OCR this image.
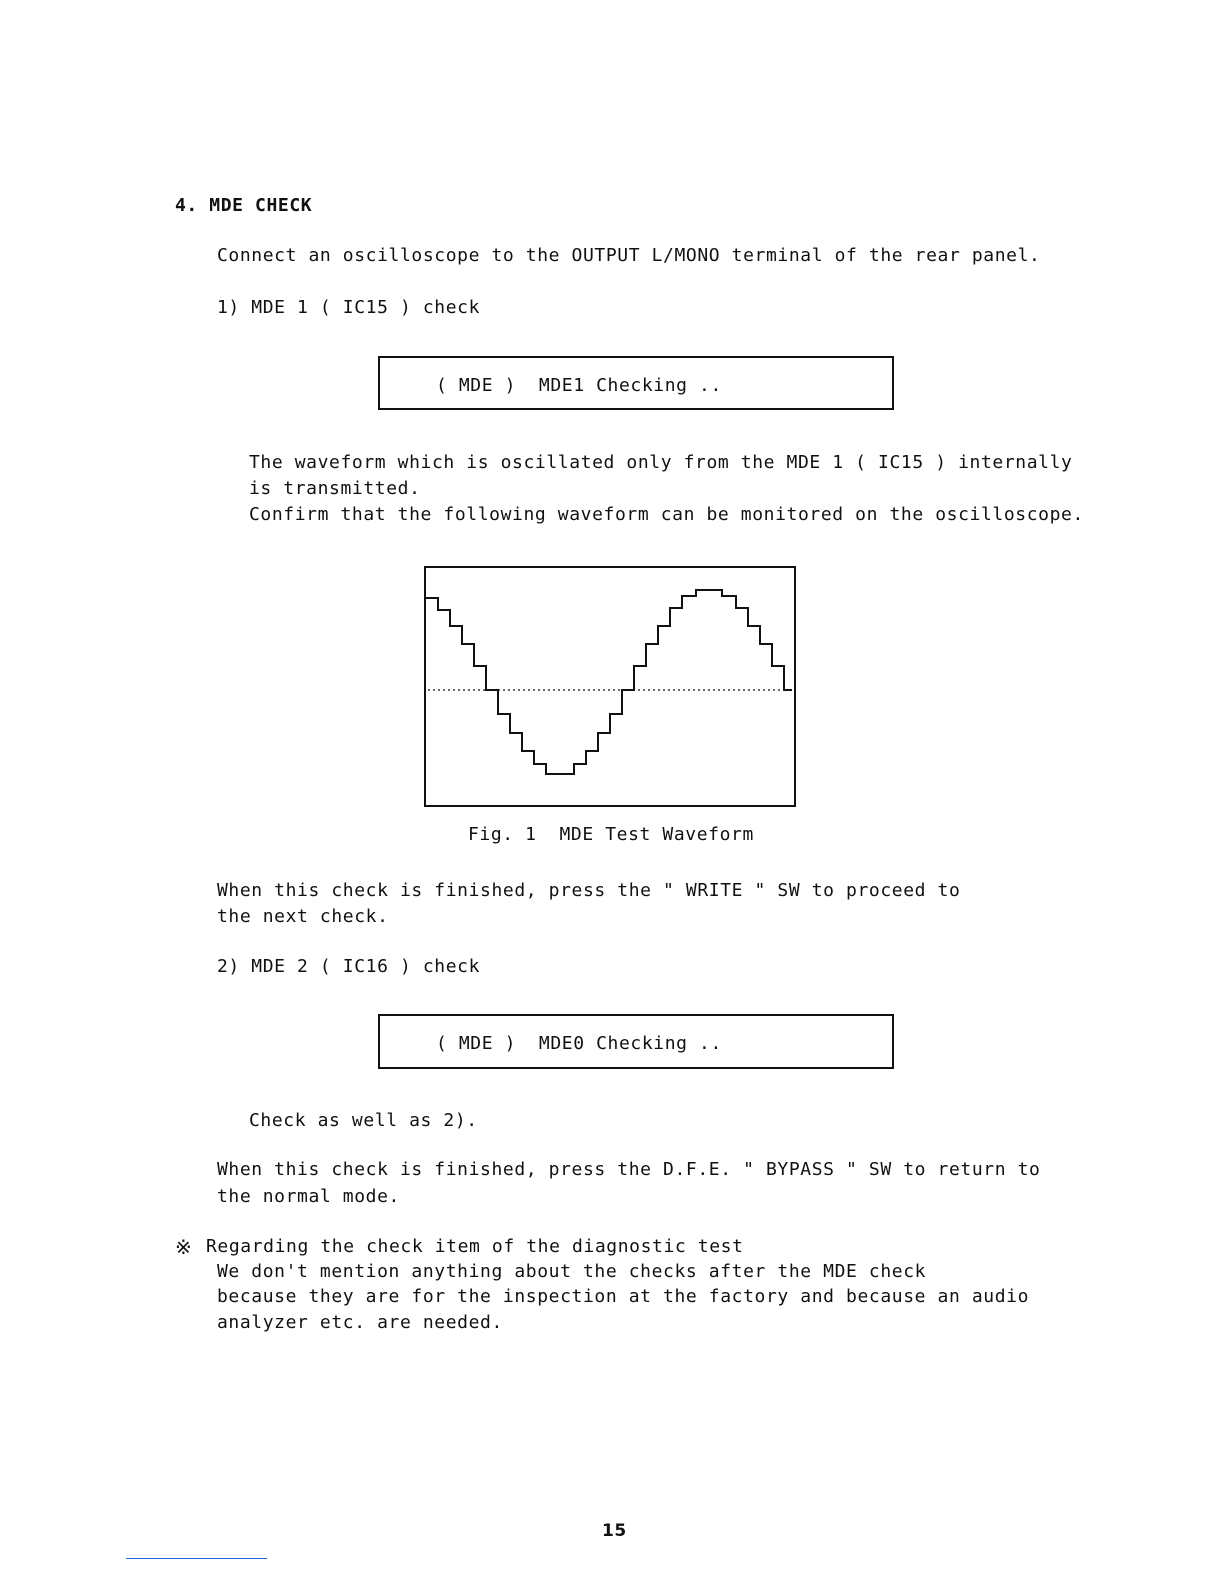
4. MDE CHECK
Connect an oscilloscope to the OUTPUT L/MONO terminal of the rear panel.
1) MDE 1 ( IC15 ) check
( MDE )  MDE1 Checking ..
The waveform which is oscillated only from the MDE 1 ( IC15 ) internally
is transmitted.
Confirm that the following waveform can be monitored on the oscilloscope.
Fig. 1  MDE Test Waveform
When this check is finished, press the " WRITE " SW to proceed to
the next check.
2) MDE 2 ( IC16 ) check
( MDE )  MDE0 Checking ..
Check as well as 2).
When this check is finished, press the D.F.E. " BYPASS " SW to return to
the normal mode.
※ Regarding the check item of the diagnostic test
We don't mention anything about the checks after the MDE check
because they are for the inspection at the factory and because an audio
analyzer etc. are needed.
15
